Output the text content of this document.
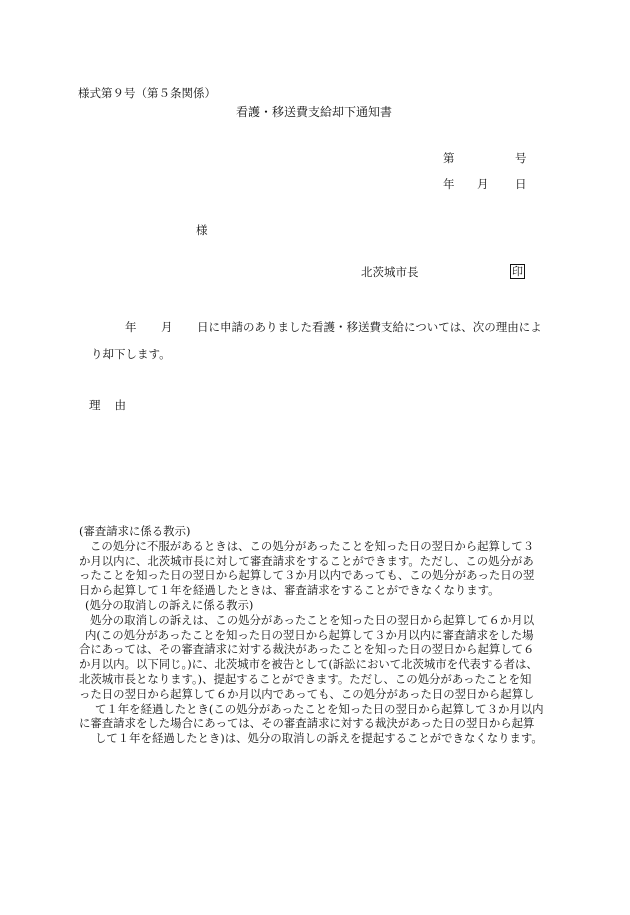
様式第９号（第５条関係）
看護・移送費支給却下通知書
第	号
年 月 日
様
北茨城市長	印
年 月 日に申請のありました看護・移送費支給については、次の理由によ
り却下します。
理由
(審査請求に係る教示)
この処分に不服があるときは、この処分があったことを知った日の翌日から起算して３
か月以内に、北茨城市長に対して審査請求をすることができます。ただし、この処分があ
ったことを知った日の翌日から起算して３か月以内であっても、この処分があった日の翌
日から起算して１年を経過したときは、審査請求をすることができなくなります。
(処分の取消しの訴えに係る教示)
処分の取消しの訴えは、この処分があったことを知った日の翌日から起算して６か月以
内(この処分があったことを知った日の翌日から起算して３か月以内に審査請求をした場
合にあっては、その審査請求に対する裁決があったことを知った日の翌日から起算して６
か月以内。以下同じ。)に、北茨城市を被告として(訴訟において北茨城市を代表する者は、
北茨城市長となります。)、提起することができます。ただし、この処分があったことを知
った日の翌日から起算して６か月以内であっても、この処分があった日の翌日から起算し
て１年を経過したとき(この処分があったことを知った日の翌日から起算して３か月以内
に審査請求をした場合にあっては、その審査請求に対する裁決があった日の翌日から起算
して１年を経過したとき)は、処分の取消しの訴えを提起することができなくなります。
